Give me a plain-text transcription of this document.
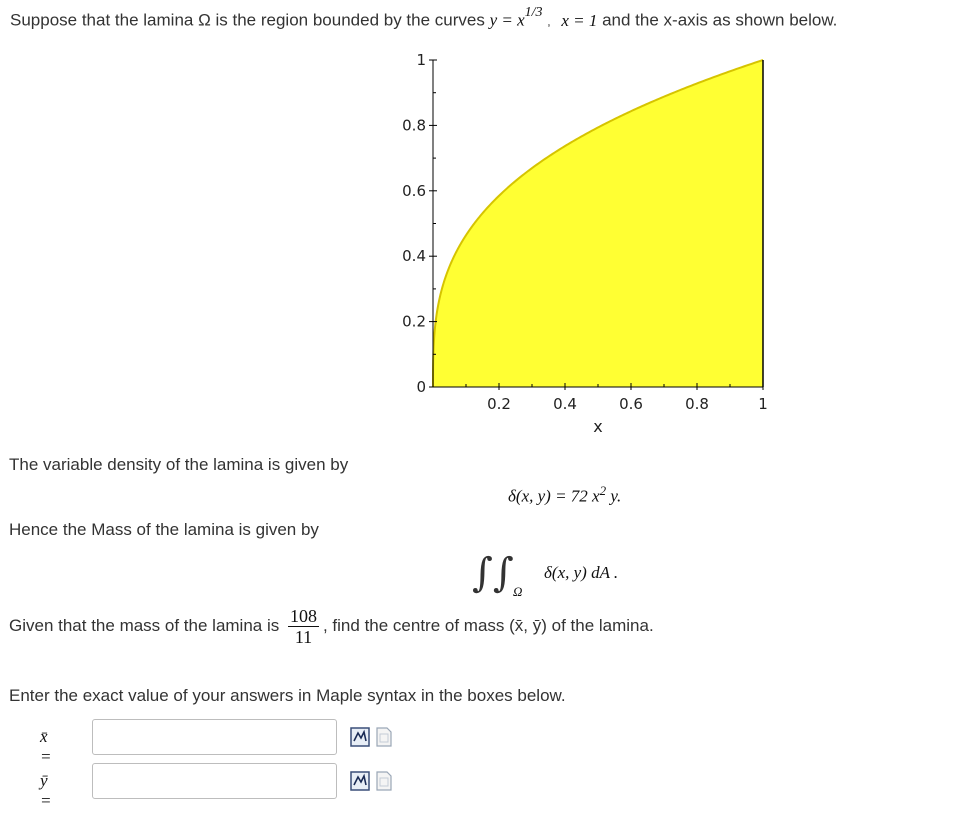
Suppose that the lamina Ω is the region bounded by the curves $y = x^{1/3}$ , x = 1 and the x-axis as shown below.
0
0.2
0.4
0.6
0.8
1
0.2	0.4	0.6	0.8	1
x
The variable density of the lamina is given by
δ(x, y) = 72 $x^2$ y.
Hence the Mass of the lamina is given by
∫∫ Ω
δ(x, y) dA .
Given that the mass of the lamina is $\frac{108}{11}$ , find the centre of mass (x̄, ȳ) of the lamina.
Enter the exact value of your answers in Maple syntax in the boxes below.
x̄ =
ȳ =
